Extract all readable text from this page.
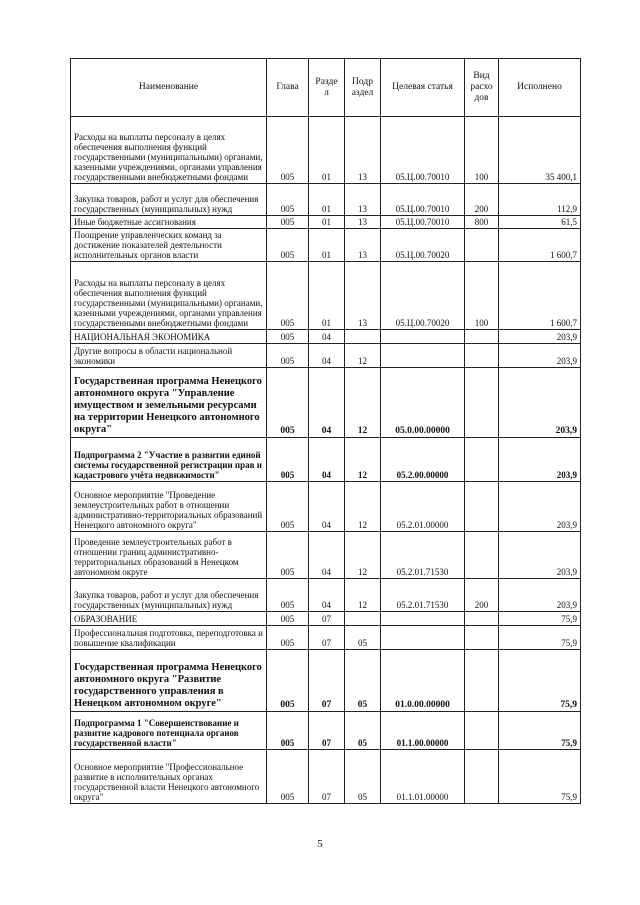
Наименование	Глава	Разде л	Подр аздел	Целевая статья	Вид расхо дов	Исполнено
Расходы на выплаты персоналу в целях обеспечения выполнения функций государственными (муниципальными) органами, казенными учреждениями, органами управления государственными внебюджетными фондами	005	01	13	05.Ц.00.70010	100	35 400,1
Закупка товаров, работ и услуг для обеспечения государственных (муниципальных) нужд	005	01	13	05.Ц.00.70010	200	112,9
Иные бюджетные ассигнования	005	01	13	05.Ц.00.70010	800	61,5
Поощрение управленческих команд за достижение показателей деятельности исполнительных органов власти	005	01	13	05.Ц.00.70020		1 600,7
Расходы на выплаты персоналу в целях обеспечения выполнения функций государственными (муниципальными) органами, казенными учреждениями, органами управления государственными внебюджетными фондами	005	01	13	05.Ц.00.70020	100	1 600,7
НАЦИОНАЛЬНАЯ ЭКОНОМИКА	005	04				203,9
Другие вопросы в области национальной экономики	005	04	12			203,9
Государственная программа Ненецкого автономного округа "Управление имуществом и земельными ресурсами на территории Ненецкого автономного округа"	005	04	12	05.0.00.00000		203,9
Подпрограмма 2 "Участие в развитии единой системы государственной регистрации прав и кадастрового учёта недвижимости"	005	04	12	05.2.00.00000		203,9
Основное мероприятие "Проведение землеустроительных работ в отношении административно-территориальных образований Ненецкого автономного округа"	005	04	12	05.2.01.00000		203,9
Проведение землеустроительных работ в отношении границ административно-территориальных образований в Ненецком автономном округе	005	04	12	05.2.01.71530		203,9
Закупка товаров, работ и услуг для обеспечения государственных (муниципальных) нужд	005	04	12	05.2.01.71530	200	203,9
ОБРАЗОВАНИЕ	005	07				75,9
Профессиональная подготовка, переподготовка и повышение квалификации	005	07	05			75,9
Государственная программа Ненецкого автономного округа "Развитие государственного управления в Ненецком автономном округе"	005	07	05	01.0.00.00000		75,9
Подпрограмма 1 "Совершенствование и развитие кадрового потенциала органов государственной власти"	005	07	05	01.1.00.00000		75,9
Основное мероприятие "Профессиональное развитие в исполнительных органах государственной власти Ненецкого автономного округа"	005	07	05	01.1.01.00000		75,9
5
